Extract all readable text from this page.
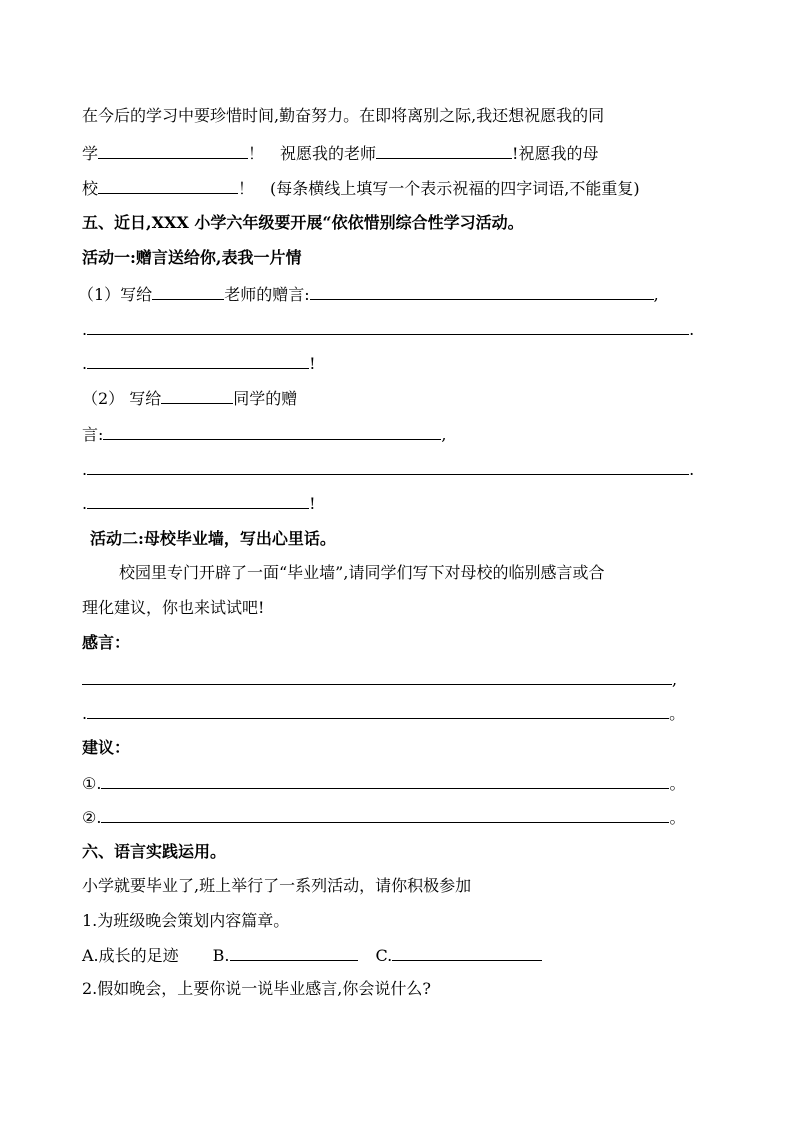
在今后的学习中要珍惜时间,勤奋努力。在即将离别之际,我还想祝愿我的同
学	！　祝愿我的老师	!祝愿我的母
校	！　(每条横线上填写一个表示祝福的四字词语,不能重复)
五、近日,XXX 小学六年级要开展“依依惜别综合性学习活动。
活动一:赠言送给你,表我一片情
（1）写给	老师的赠言:	,
.	.
.	!
（2） 写给	同学的赠
言:	,
.	.
.	!
活动二:母校毕业墙，写出心里话。
校园里专门开辟了一面“毕业墙”,请同学们写下对母校的临别感言或合
理化建议，你也来试试吧!
感言：
,
.	。
建议：
①.	。
②.	。
六、语言实践运用。
小学就要毕业了,班上举行了一系列活动，请你积极参加
1.为班级晚会策划内容篇章。
A.成长的足迹 B.	C.
2.假如晚会，上要你说一说毕业感言,你会说什么?
